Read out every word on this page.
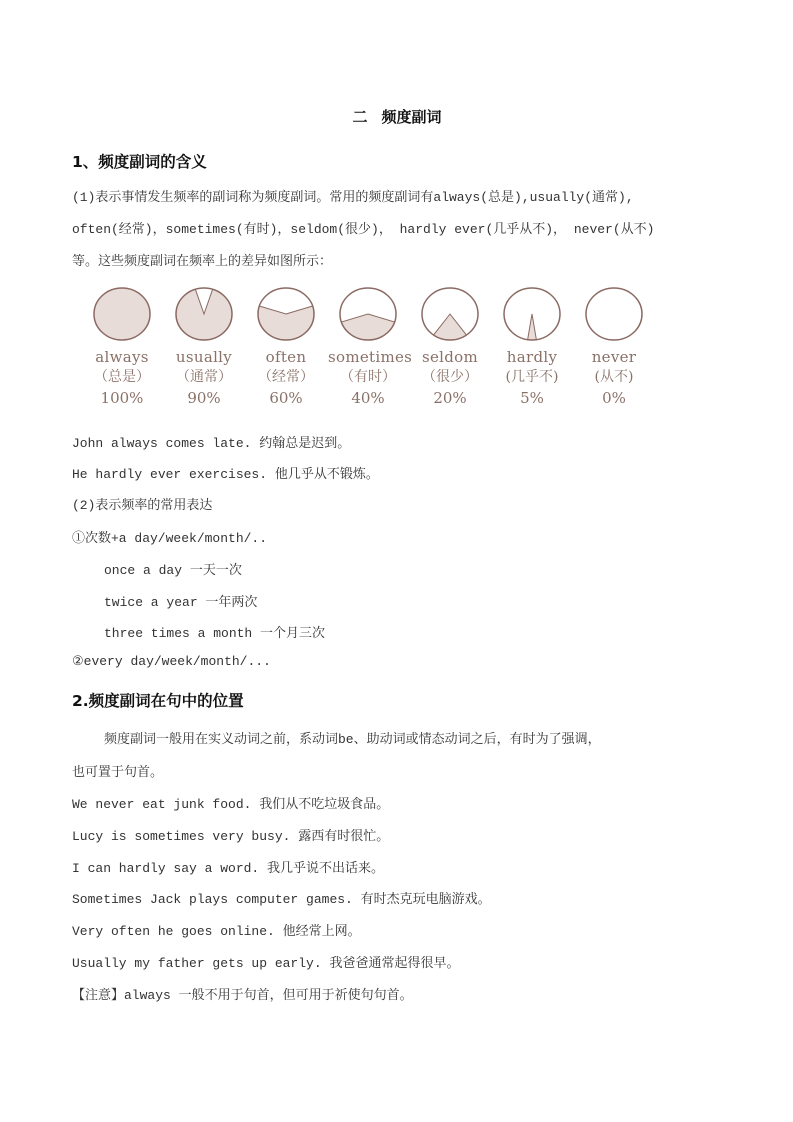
二 频度副词
1、频度副词的含义
(1)表示事情发生频率的副词称为频度副词。常用的频度副词有always(总是),usually(通常),
often(经常)，sometimes(有时)，seldom(很少)， hardly ever(几乎从不)， never(从不)
等。这些频度副词在频率上的差异如图所示：
always
（总是）
100%
usually
（通常）
90%
often
（经常）
60%
sometimes
（有时）
40%
seldom
（很少）
20%
hardly
(几乎不)
5%
never
(从不)
0%
John always comes late. 约翰总是迟到。
He hardly ever exercises. 他几乎从不锻炼。
(2)表示频率的常用表达
①次数+a day/week/month/..
once a day 一天一次
twice a year 一年两次
three times a month 一个月三次
②every day/week/month/...
2.频度副词在句中的位置
频度副词一般用在实义动词之前，系动词be、助动词或情态动词之后，有时为了强调，
也可置于句首。
We never eat junk food. 我们从不吃垃圾食品。
Lucy is sometimes very busy. 露西有时很忙。
I can hardly say a word. 我几乎说不出话来。
Sometimes Jack plays computer games. 有时杰克玩电脑游戏。
Very often he goes online. 他经常上网。
Usually my father gets up early. 我爸爸通常起得很早。
【注意】always 一般不用于句首，但可用于祈使句句首。
